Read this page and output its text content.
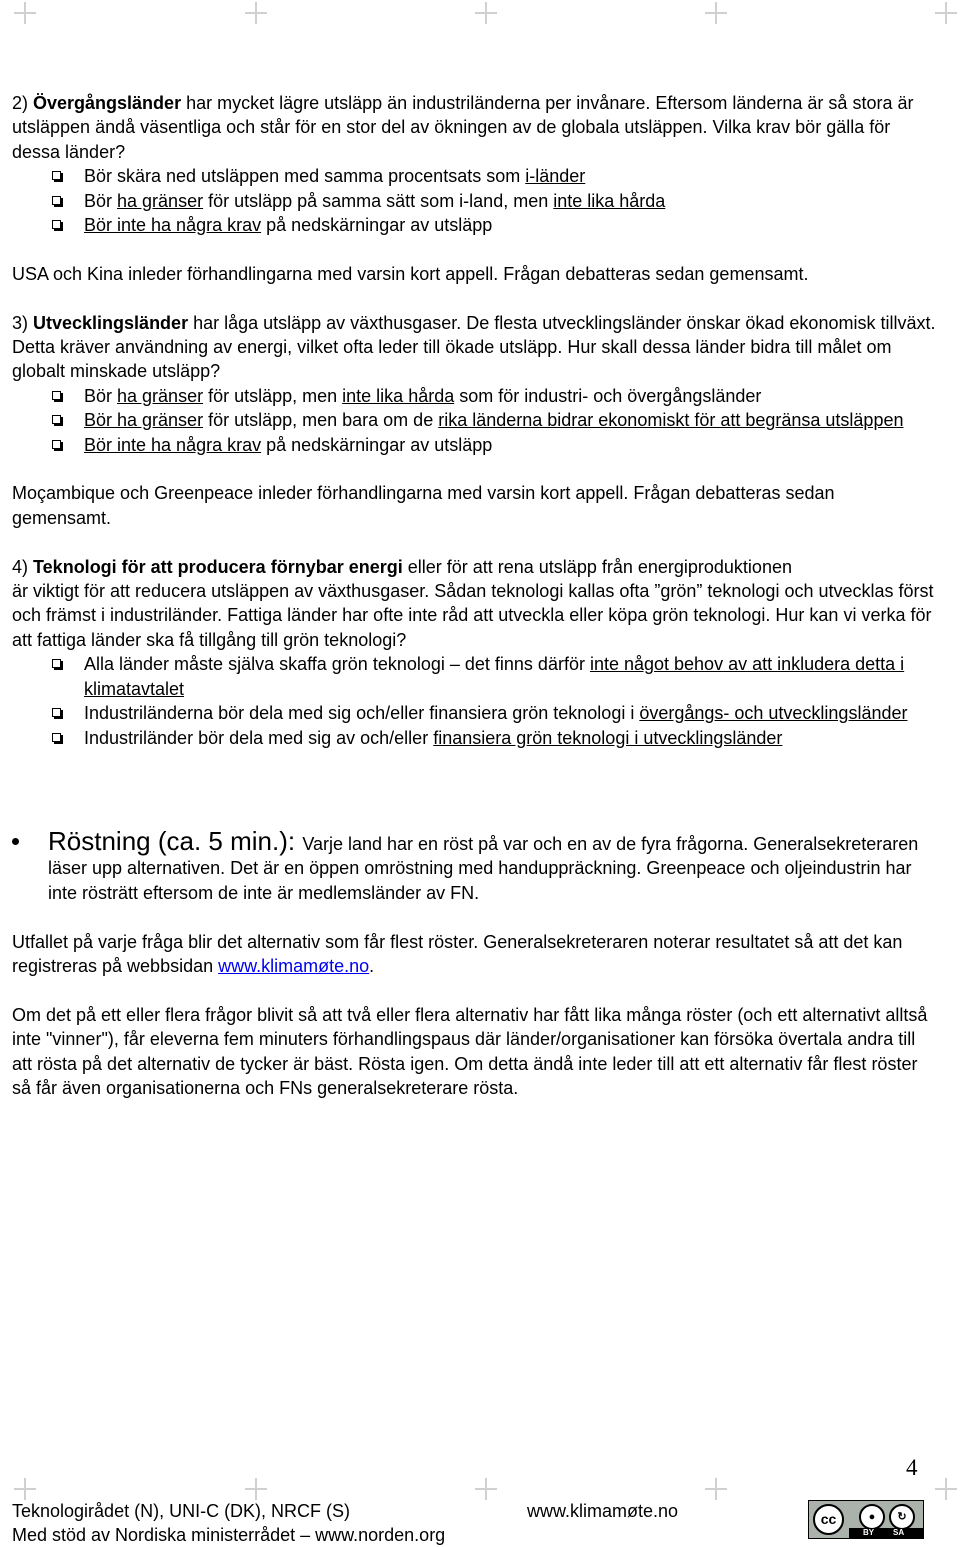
2) Övergångsländer har mycket lägre utsläpp än industriländerna per invånare. Eftersom länderna är så stora är utsläppen ändå väsentliga och står för en stor del av ökningen av de globala utsläppen. Vilka krav bör gälla för dessa länder?

Bör skära ned utsläppen med samma procentsats som i-länder
Bör ha gränser för utsläpp på samma sätt som i-land, men inte lika hårda
Bör inte ha några krav på nedskärningar av utsläpp

USA och Kina inleder förhandlingarna med varsin kort appell. Frågan debatteras sedan gemensamt.

3) Utvecklingsländer har låga utsläpp av växthusgaser. De flesta utvecklingsländer önskar ökad ekonomisk tillväxt. Detta kräver användning av energi, vilket ofta leder till ökade utsläpp. Hur skall dessa länder bidra till målet om globalt minskade utsläpp?

Bör ha gränser för utsläpp, men inte lika hårda som för industri- och övergångsländer
Bör ha gränser för utsläpp, men bara om de rika länderna bidrar ekonomiskt för att begränsa utsläppen
Bör inte ha några krav på nedskärningar av utsläpp

Moçambique och Greenpeace inleder förhandlingarna med varsin kort appell. Frågan debatteras sedan gemensamt.

4) Teknologi för att producera förnybar energi eller för att rena utsläpp från energiproduktionen

är viktigt för att reducera utsläppen av växthusgaser. Sådan teknologi kallas ofta ”grön” teknologi och utvecklas först och främst i industriländer. Fattiga länder har ofte inte råd att utveckla eller köpa grön teknologi. Hur kan vi verka för att fattiga länder ska få tillgång till grön teknologi?

Alla länder måste själva skaffa grön teknologi – det finns därför inte något behov av att inkludera detta i klimatavtalet
Industriländerna bör dela med sig och/eller finansiera grön teknologi i övergångs- och utvecklingsländer
Industriländer bör dela med sig av och/eller finansiera grön teknologi i utvecklingsländer
Röstning (ca. 5 min.): Varje land har en röst på var och en av de fyra frågorna. Generalsekreteraren läser upp alternativen. Det är en öppen omröstning med handuppräckning. Greenpeace och oljeindustrin har inte rösträtt eftersom de inte är medlemsländer av FN.

Utfallet på varje fråga blir det alternativ som får flest röster. Generalsekreteraren noterar resultatet så att det kan registreras på webbsidan www.klimamøte.no.

Om det på ett eller flera frågor blivit så att två eller flera alternativ har fått lika många röster (och ett alternativt alltså inte "vinner"), får eleverna fem minuters förhandlingspaus där länder/organisationer kan försöka övertala andra till att rösta på det alternativ de tycker är bäst. Rösta igen. Om detta ändå inte leder till att ett alternativ får flest röster så får även organisationerna och FNs generalsekreterare rösta.

4
Teknologirådet (N), UNI-C (DK), NRCF (S)
Med stöd av Nordiska ministerrådet – www.norden.org
www.klimamøte.no	cc	●	↻
BY SA
